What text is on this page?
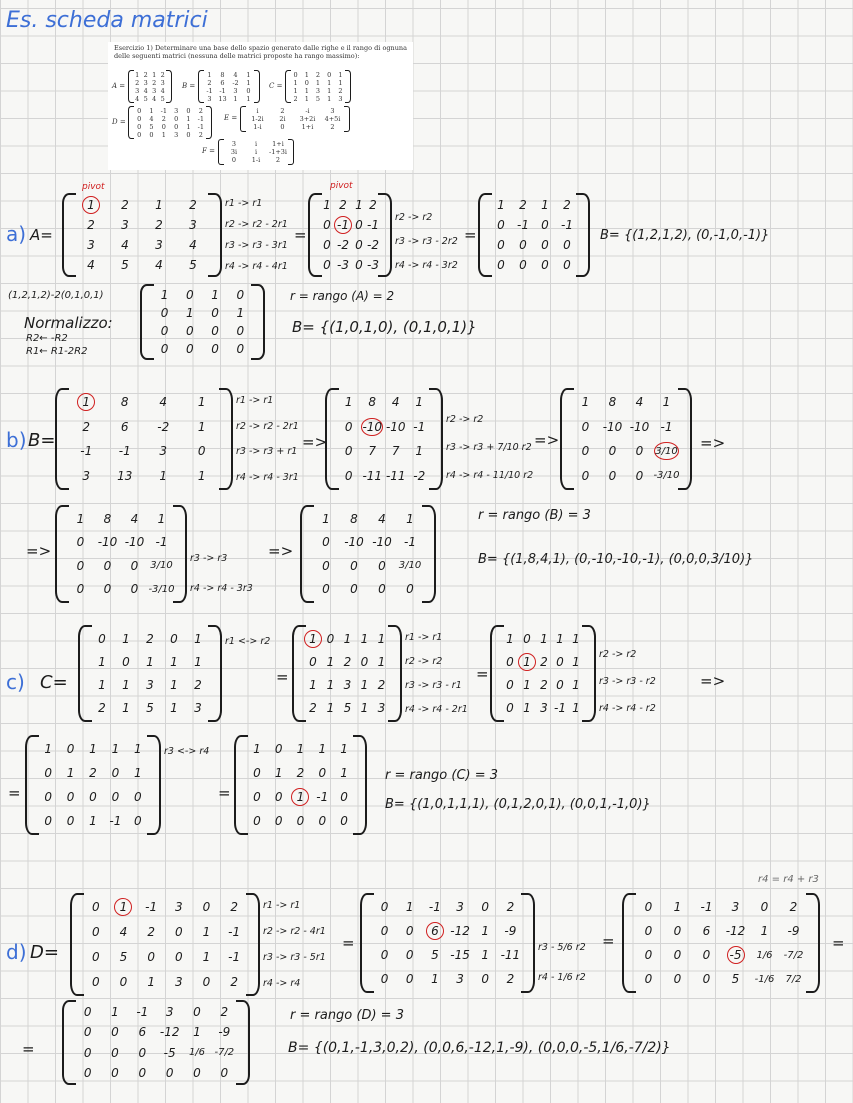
Es. scheda matrici
Esercizio 1) Determinare una base dello spazio generato dalle righe e il rango di ognuna delle seguenti matrici (nessuna delle matrici proposte ha rango massimo):
a) A=	=	=	B= {(1,2,1,2), (0,-1,0,-1)}
(1,2,1,2)-2(0,1,0,1)
Normalizzo:
R2← -R2
R1← R1-2R2
r = rango (A) = 2
B= {(1,0,1,0), (0,1,0,1)}
b) B=	=>	=>	=>
=>	=>
r = rango (B) = 3
B= {(1,8,4,1), (0,-10,-10,-1), (0,0,0,3/10)}
c) C=	=	=	=>
=	=
r = rango (C) = 3
B= {(1,0,1,1,1), (0,1,2,0,1), (0,0,1,-1,0)}
r4 = r4 + r3
d) D=	=	=	=
=
r = rango (D) = 3
B= {(0,1,-1,3,0,2), (0,0,6,-12,1,-9), (0,0,0,-5,1/6,-7/2)}
1	2	1	2
2	3	2	3
3	4	3	4
4	5	4	5
r1 -> r1
r2 -> r2 - 2r1
r3 -> r3 - 3r1
r4 -> r4 - 4r1
1 2 1 2
0 -1 0 -1
0 -2 0 -2
0 -3 0 -3
r2 -> r2
r3 -> r3 - 2r2
r4 -> r4 - 3r2
1	2	1	2
0	-1	0	-1
0	0	0	0
0	0	0	0
1	0	1	0
0	1	0	1
0	0	0	0
0	0	0	0
1	8	4	1
2	6	-2	1
-1	-1	3	0
3	13	1	1
r1 -> r1
r2 -> r2 - 2r1
r3 -> r3 + r1
r4 -> r4 - 3r1
1	8	4	1
0 -10 -10 -1
0	7	7	1
0 -11 -11 -2
r2 -> r2
r3 -> r3 + 7/10 r2
r4 -> r4 - 11/10 r2
1	8	4	1
0	-10 -10 -1
0	0	0	3/10
0	0	0	-3/10
1	8	4	1
0	-10 -10 -1
0	0	0	3/10
0	0	0	-3/10
r3 -> r3
r4 -> r4 - 3r3
1	8	4	1
0	-10 -10	-1
0	0	0	3/10
0	0	0	0
0	1	2	0	1
1	0	1	1	1
1	1	3	1	2
2	1	5	1	3
r1 <-> r2	1 0 1 1 1
0 1 2 0 1
1 1 3 1 2
2 1 5 1 3
r1 -> r1
r2 -> r2
r3 -> r3 - r1
r4 -> r4 - 2r1
1 0 1 1 1
0 1 2 0 1
0 1 2 0 1
0 1 3 -1 1
r2 -> r2
r3 -> r3 - r2
r4 -> r4 - r2
1	0	1	1	1
0	1	2	0	1
0	0	0	0	0
0	0	1	-1	0
r3 <-> r4	1	0	1	1	1
0	1	2	0	1
0	0	1	-1	0
0	0	0	0	0
0	1	-1	3	0	2
0	4	2	0	1	-1
0	5	0	0	1	-1
0	0	1	3	0	2
r1 -> r1
r2 -> r2 - 4r1
r3 -> r3 - 5r1
r4 -> r4
0	1	-1	3	0	2
0	0	6 -12 1	-9
0	0	5 -15 1 -11
0	0	1	3	0	2
r3 - 5/6 r2
r4 - 1/6 r2
0	1	-1	3	0	2
0	0	6	-12	1	-9
0	0	0	-5	1/6	-7/2
0	0	0	5	-1/6	7/2
0	1	-1	3	0	2
0	0	6	-12	1	-9
0	0	0	-5	1/6 -7/2
0	0	0	0	0	0
pivot	pivot
A =
1 2 1 2
2 3 2 3
3 4 3 4
4 5 4 5
B =
1	8	4	1
2	6	-2	1
-1	-1	3	0
3	13	1	1
C =
0	1	2	0	1
1	0	1	1	1
1	1	3	1	2
2	1	5	1	3
D =
0	1	-1	3	0	2
0	4	2	0	1	-1
0	5	0	0	1	-1
0	0	1	3	0	2
E =
i	2	-i	3
1-2i	2i	3+2i	4+5i
1-i	0	1+i	2
F =
3	i	1+i
3i	i	-1+3i
0	1-i	2
